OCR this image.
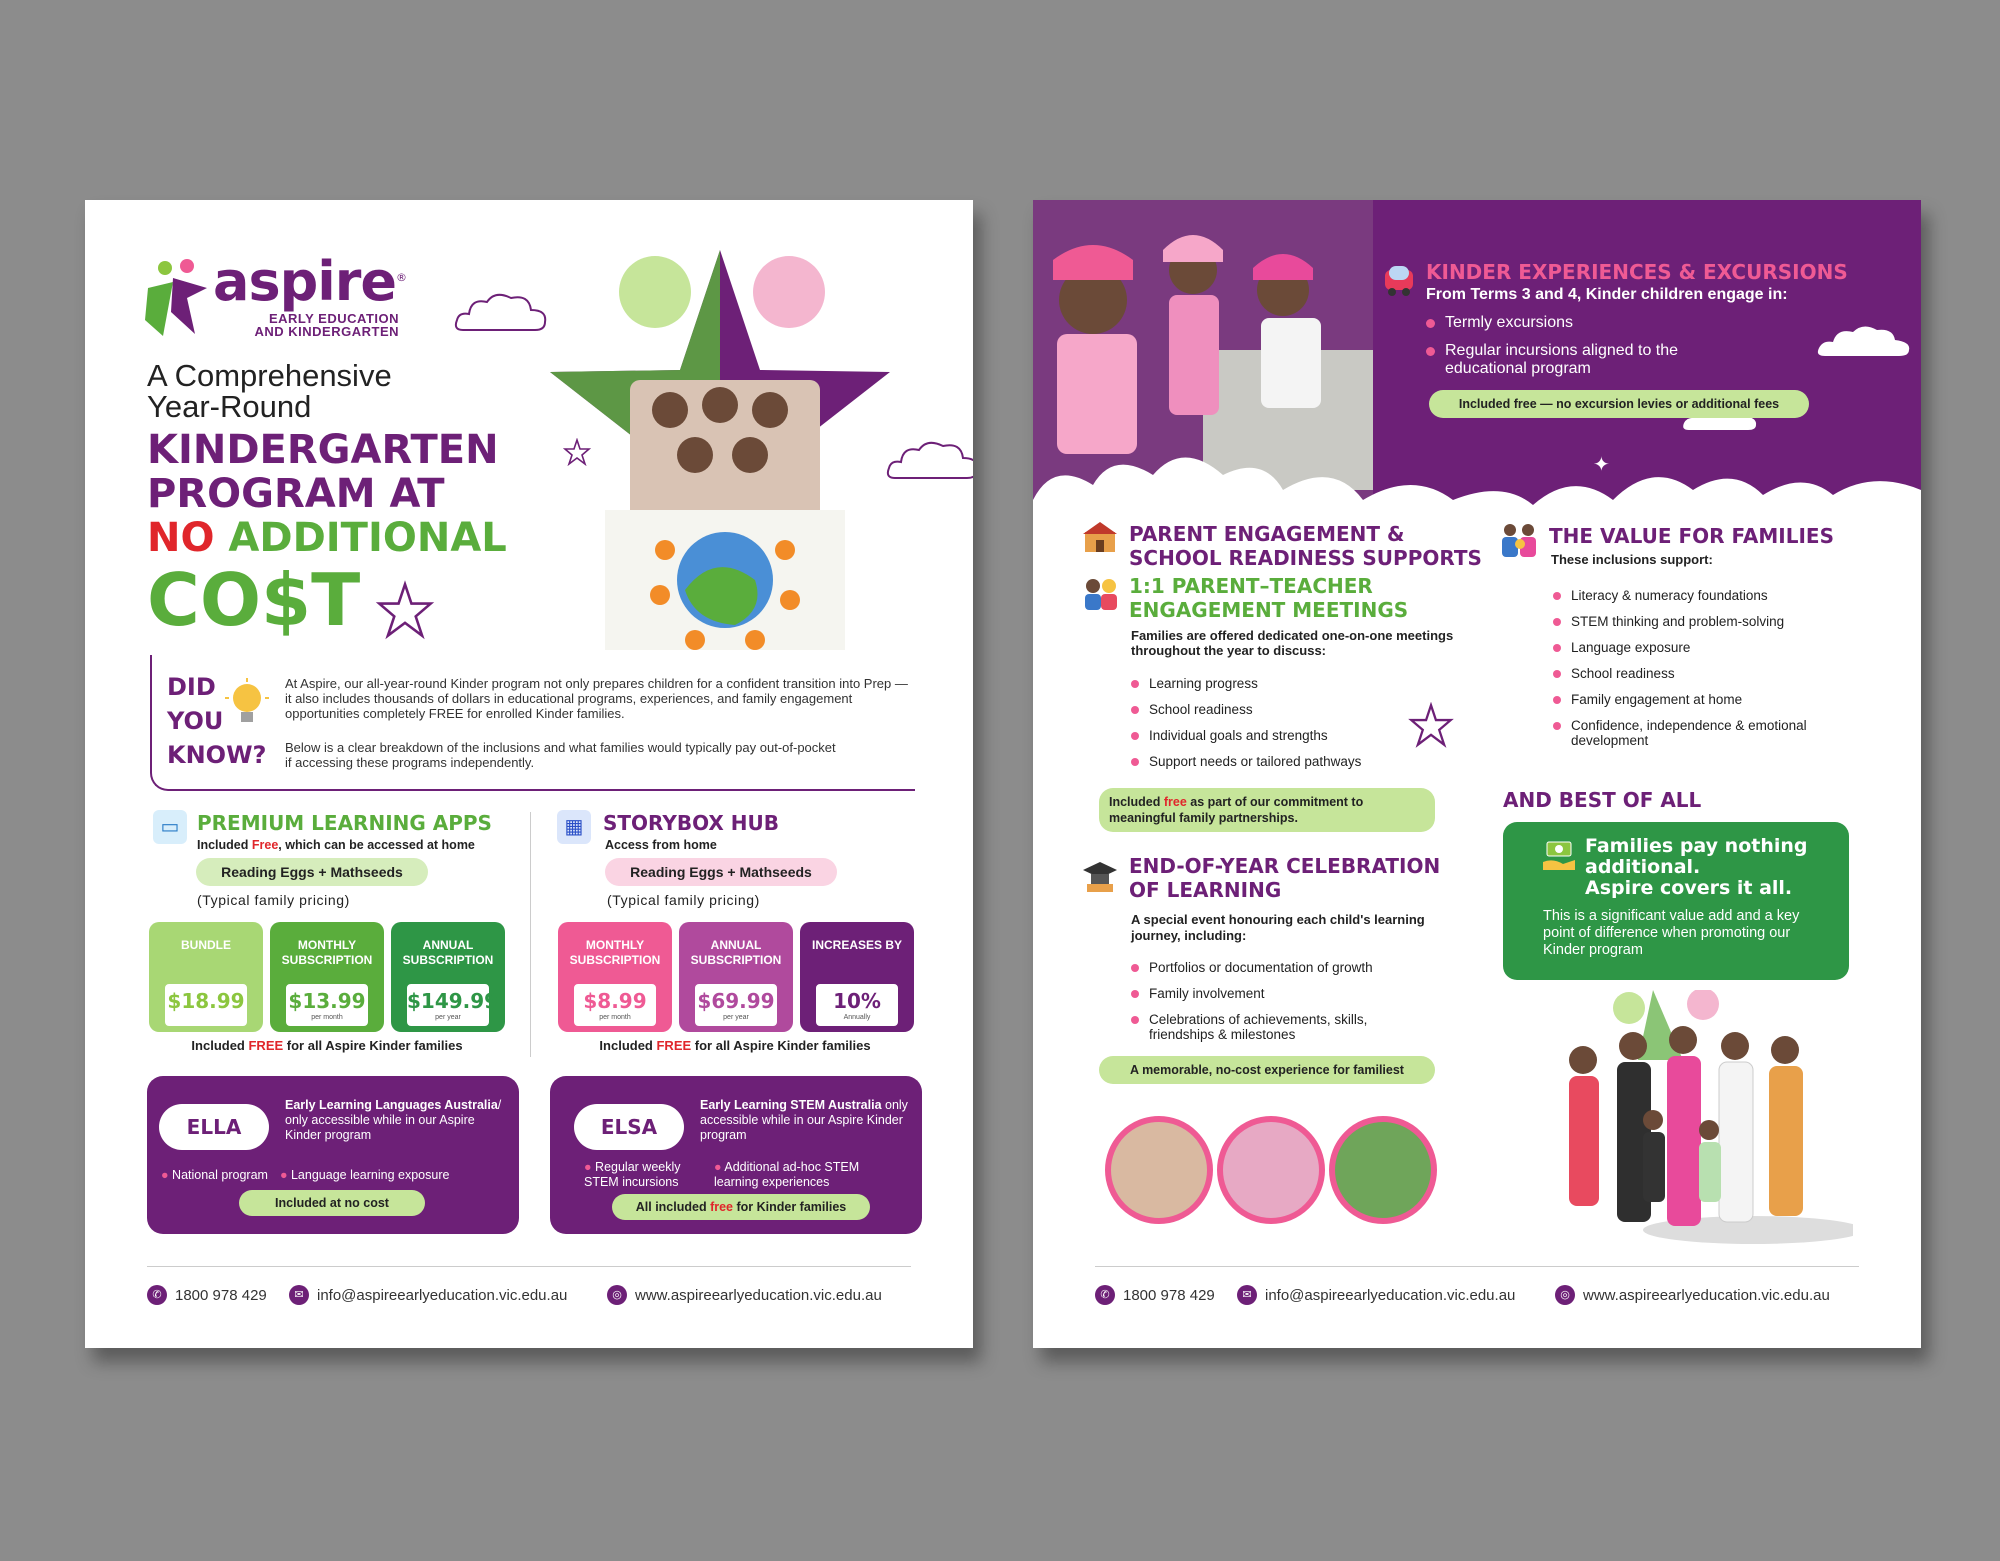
aspire®
EARLY EDUCATION
AND KINDERGARTEN
A Comprehensive
Year-Round
KINDERGARTEN
PROGRAM AT
NO ADDITIONAL
CO$T
DID
YOU
KNOW?
At Aspire, our all-year-round Kinder program not only prepares children for a confident transition into Prep — it also includes thousands of dollars in educational programs, experiences, and family engagement opportunities completely FREE for enrolled Kinder families.
Below is a clear breakdown of the inclusions and what families would typically pay out-of-pocket if accessing these programs independently.
▭ PREMIUM LEARNING APPS
Included Free, which can be accessed at home
Reading Eggs + Mathseeds
(Typical family pricing)
BUNDLE
$18.99
MONTHLY SUBSCRIPTION
$13.99
per month
ANNUAL SUBSCRIPTION
$149.99
per year
Included FREE for all Aspire Kinder families
▦ STORYBOX HUB
Access from home
Reading Eggs + Mathseeds
(Typical family pricing)
MONTHLY SUBSCRIPTION
$8.99
per month
ANNUAL SUBSCRIPTION
$69.99
per year
INCREASES BY
10%
Annually
Included FREE for all Aspire Kinder families
ELLA
Early Learning Languages Australia/ only accessible while in our Aspire Kinder program
● National program ● Language learning exposure
Included at no cost
ELSA
Early Learning STEM Australia only accessible while in our Aspire Kinder program
● Regular weekly STEM incursions
● Additional ad-hoc STEM learning experiences
All included free for Kinder families
✆ 1800 978 429	✉ info@aspireearlyeducation.vic.edu.au	◎ www.aspireearlyeducation.vic.edu.au
✦
KINDER EXPERIENCES & EXCURSIONS
From Terms 3 and 4, Kinder children engage in:
Termly excursions
Regular incursions aligned to the educational program
Included free — no excursion levies or additional fees
PARENT ENGAGEMENT &
SCHOOL READINESS SUPPORTS
1:1 PARENT–TEACHER
ENGAGEMENT MEETINGS
Families are offered dedicated one-on-one meetings throughout the year to discuss:
Learning progress
School readiness
Individual goals and strengths
Support needs or tailored pathways
Included free as part of our commitment to meaningful family partnerships.
END-OF-YEAR CELEBRATION
OF LEARNING
A special event honouring each child's learning journey, including:
Portfolios or documentation of growth
Family involvement
Celebrations of achievements, skills, friendships & milestones
A memorable, no-cost experience for familiest
THE VALUE FOR FAMILIES
These inclusions support:
Literacy & numeracy foundations
STEM thinking and problem-solving
Language exposure
School readiness
Family engagement at home
Confidence, independence & emotional development
AND BEST OF ALL
Families pay nothing additional.
Aspire covers it all.
This is a significant value add and a key point of difference when promoting our Kinder program
✆ 1800 978 429	✉ info@aspireearlyeducation.vic.edu.au	◎ www.aspireearlyeducation.vic.edu.au
